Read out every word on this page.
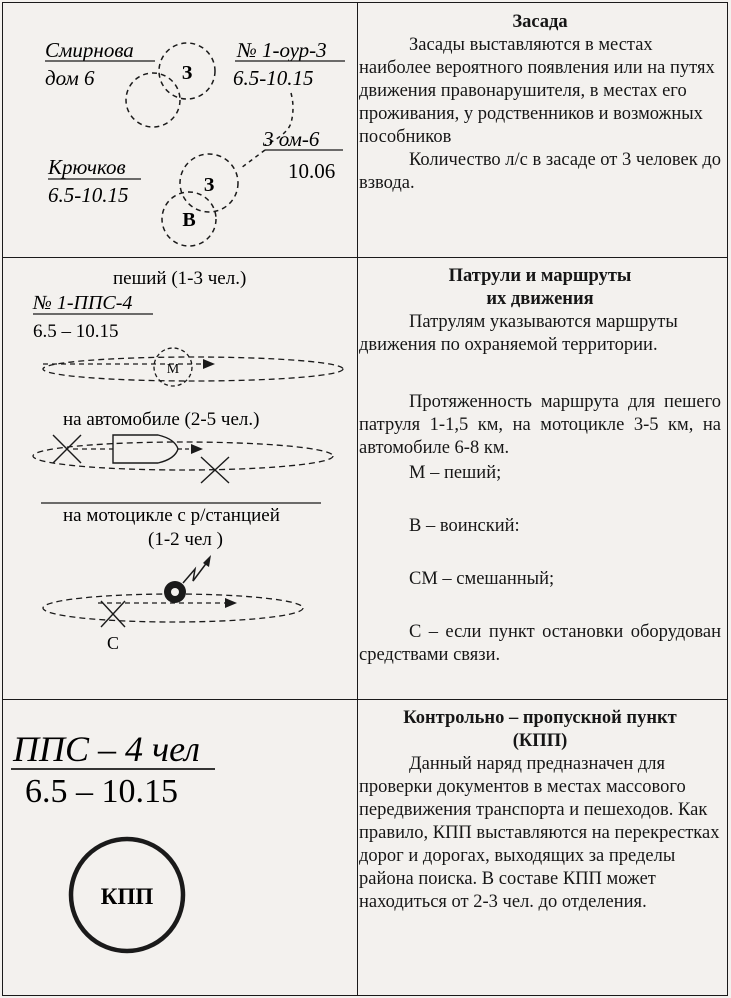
Смирнова
дом 6	З
№ 1-оур-3
6.5-10.15
3 ом-6
10.06
Крючков
6.5-10.15	З
В

Засада

Засады выставляются в местах наиболее вероятного появления или на путях движения правонарушителя, в местах его проживания, у родственников и возможных пособников

Количество л/с в засаде от 3 человек до взвода.

пеший (1-3 чел.)
№ 1-ППС-4
6.5 – 10.15
М
на автомобиле (2-5 чел.)
на мотоцикле с р/станцией
(1-2 чел )
С

Патрули и маршруты

их движения

Патрулям указываются маршруты движения по охраняемой территории.

Протяженность маршрута для пешего патруля 1-1,5 км, на мотоцикле 3-5 км, на автомобиле 6-8 км.

М – пеший;

В – воинский:

СМ – смешанный;

С – если пункт остановки оборудован средствами связи.

ППС – 4 чел
6.5 – 10.15
КПП

Контрольно – пропускной пункт

(КПП)

Данный наряд предназначен для проверки документов в местах массового передвижения транспорта и пешеходов. Как правило, КПП выставляются на перекрестках дорог и дорогах, выходящих за пределы района поиска. В составе КПП может находиться от 2-3 чел. до отделения.
